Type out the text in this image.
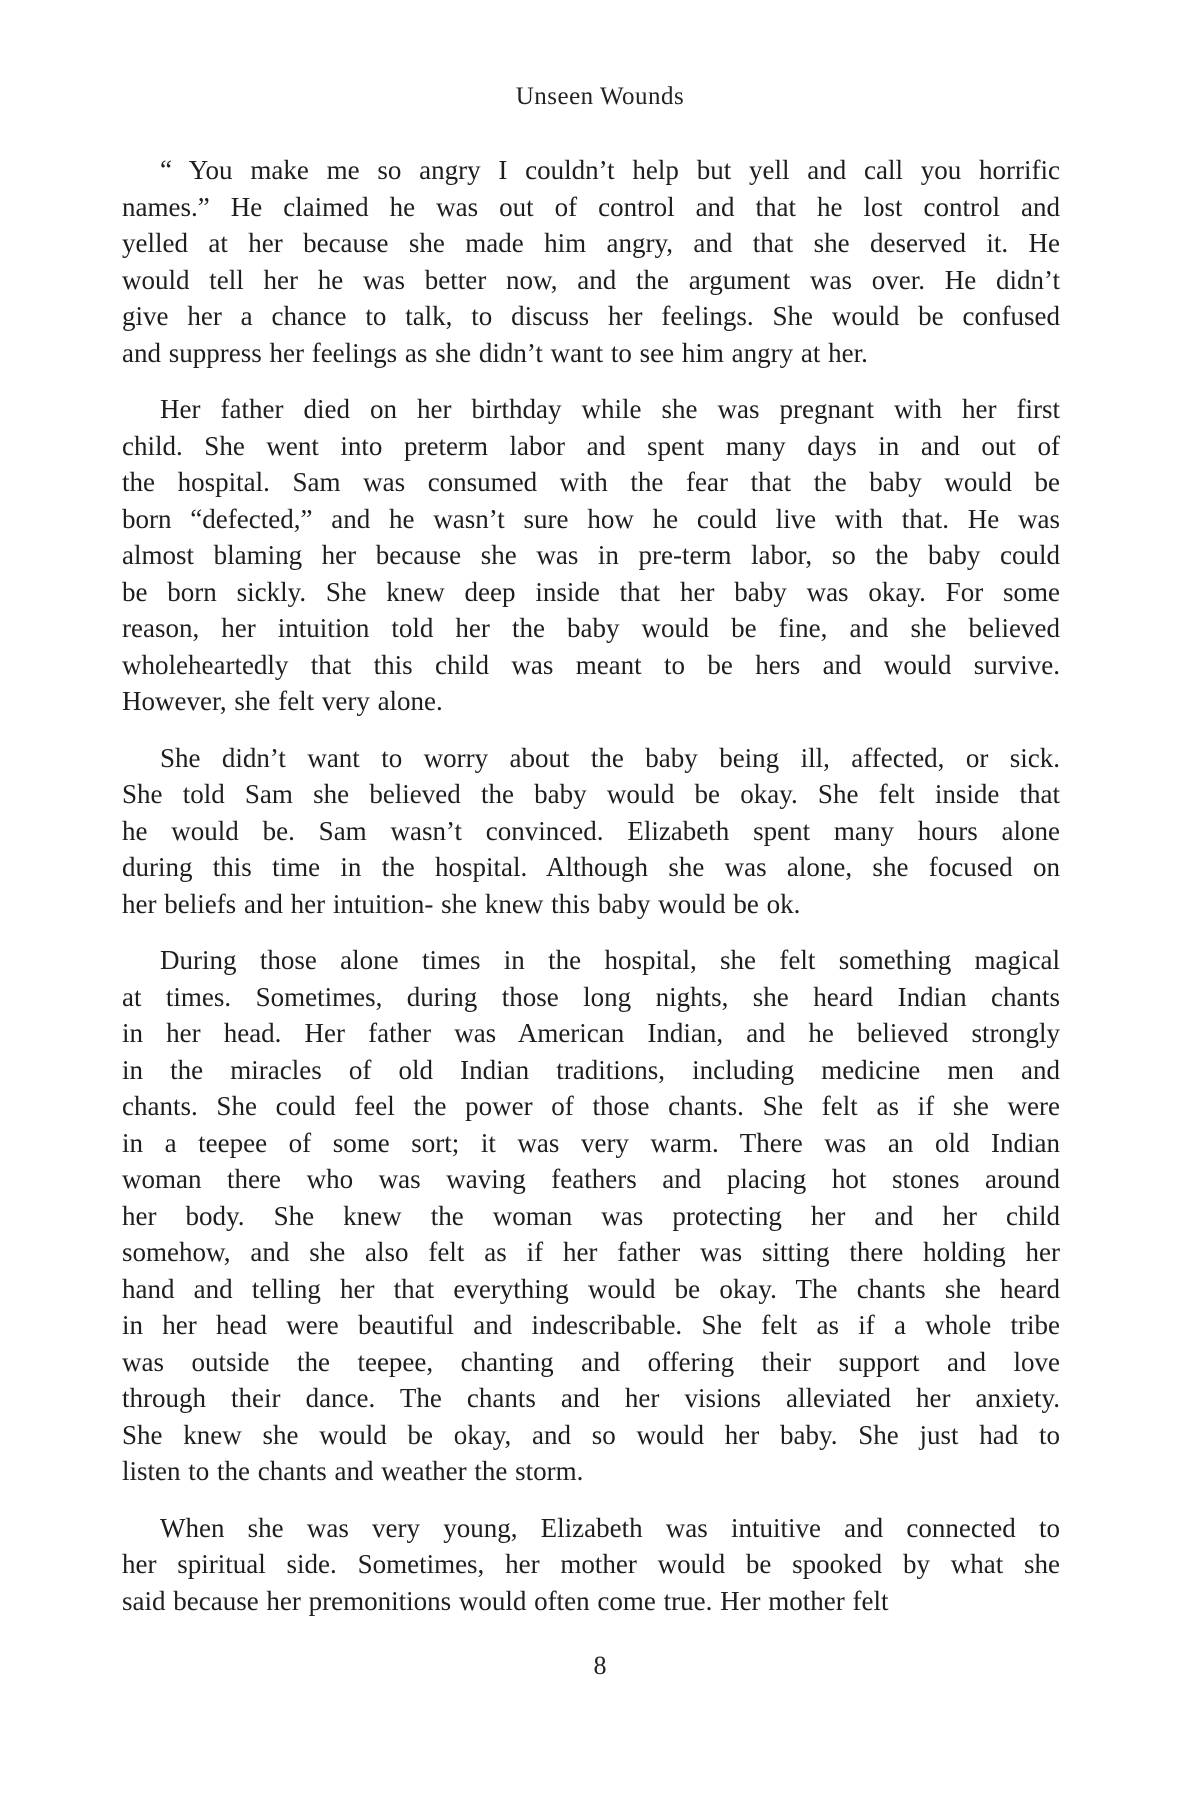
Unseen Wounds
“ You make me so angry I couldn’t help but yell and call you horrific
names.” He claimed he was out of control and that he lost control and
yelled at her because she made him angry, and that she deserved it. He
would tell her he was better now, and the argument was over. He didn’t
give her a chance to talk, to discuss her feelings. She would be confused
and suppress her feelings as she didn’t want to see him angry at her.
Her father died on her birthday while she was pregnant with her first
child. She went into preterm labor and spent many days in and out of
the hospital. Sam was consumed with the fear that the baby would be
born “defected,” and he wasn’t sure how he could live with that. He was
almost blaming her because she was in pre-term labor, so the baby could
be born sickly. She knew deep inside that her baby was okay. For some
reason, her intuition told her the baby would be fine, and she believed
wholeheartedly that this child was meant to be hers and would survive.
However, she felt very alone.
She didn’t want to worry about the baby being ill, affected, or sick.
She told Sam she believed the baby would be okay. She felt inside that
he would be. Sam wasn’t convinced. Elizabeth spent many hours alone
during this time in the hospital. Although she was alone, she focused on
her beliefs and her intuition- she knew this baby would be ok.
During those alone times in the hospital, she felt something magical
at times. Sometimes, during those long nights, she heard Indian chants
in her head. Her father was American Indian, and he believed strongly
in the miracles of old Indian traditions, including medicine men and
chants. She could feel the power of those chants. She felt as if she were
in a teepee of some sort; it was very warm. There was an old Indian
woman there who was waving feathers and placing hot stones around
her body. She knew the woman was protecting her and her child
somehow, and she also felt as if her father was sitting there holding her
hand and telling her that everything would be okay. The chants she heard
in her head were beautiful and indescribable. She felt as if a whole tribe
was outside the teepee, chanting and offering their support and love
through their dance. The chants and her visions alleviated her anxiety.
She knew she would be okay, and so would her baby. She just had to
listen to the chants and weather the storm.
When she was very young, Elizabeth was intuitive and connected to
her spiritual side. Sometimes, her mother would be spooked by what she
said because her premonitions would often come true. Her mother felt
8
